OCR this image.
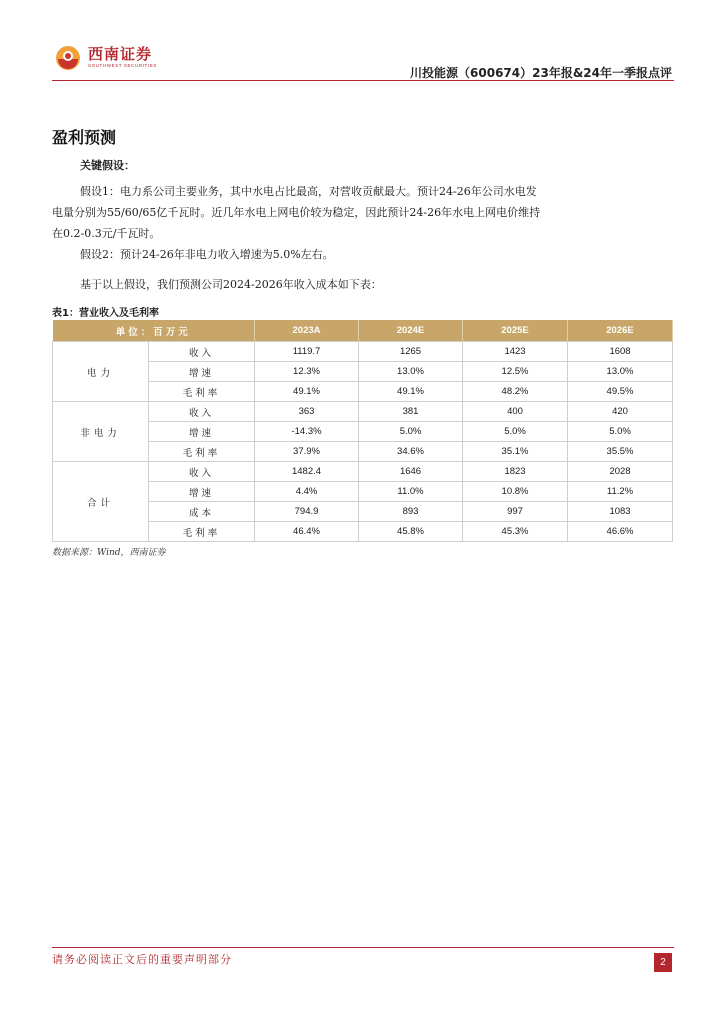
西南证券
SOUTHWEST SECURITIES
川投能源（600674）23年报&24年一季报点评
盈利预测
关键假设：

假设1：电力系公司主要业务，其中水电占比最高，对营收贡献最大。预计24-26年公司水电发电量分别为55/60/65亿千瓦时。近几年水电上网电价较为稳定，因此预计24-26年水电上网电价维持在0.2-0.3元/千瓦时。

假设2：预计24-26年非电力收入增速为5.0%左右。

基于以上假设，我们预测公司2024-2026年收入成本如下表：

表1：营业收入及毛利率
单位：百万元		2023A	2024E	2025E	2026E
电力	收入	1119.7	1265	1423	1608
	增速	12.3%	13.0%	12.5%	13.0%
	毛利率	49.1%	49.1%	48.2%	49.5%
非电力	收入	363	381	400	420
	增速	-14.3%	5.0%	5.0%	5.0%
	毛利率	37.9%	34.6%	35.1%	35.5%
合计	收入	1482.4	1646	1823	2028
	增速	4.4%	11.0%	10.8%	11.2%
	成本	794.9	893	997	1083
	毛利率	46.4%	45.8%	45.3%	46.6%
数据来源：Wind，西南证券
请务必阅读正文后的重要声明部分	2
